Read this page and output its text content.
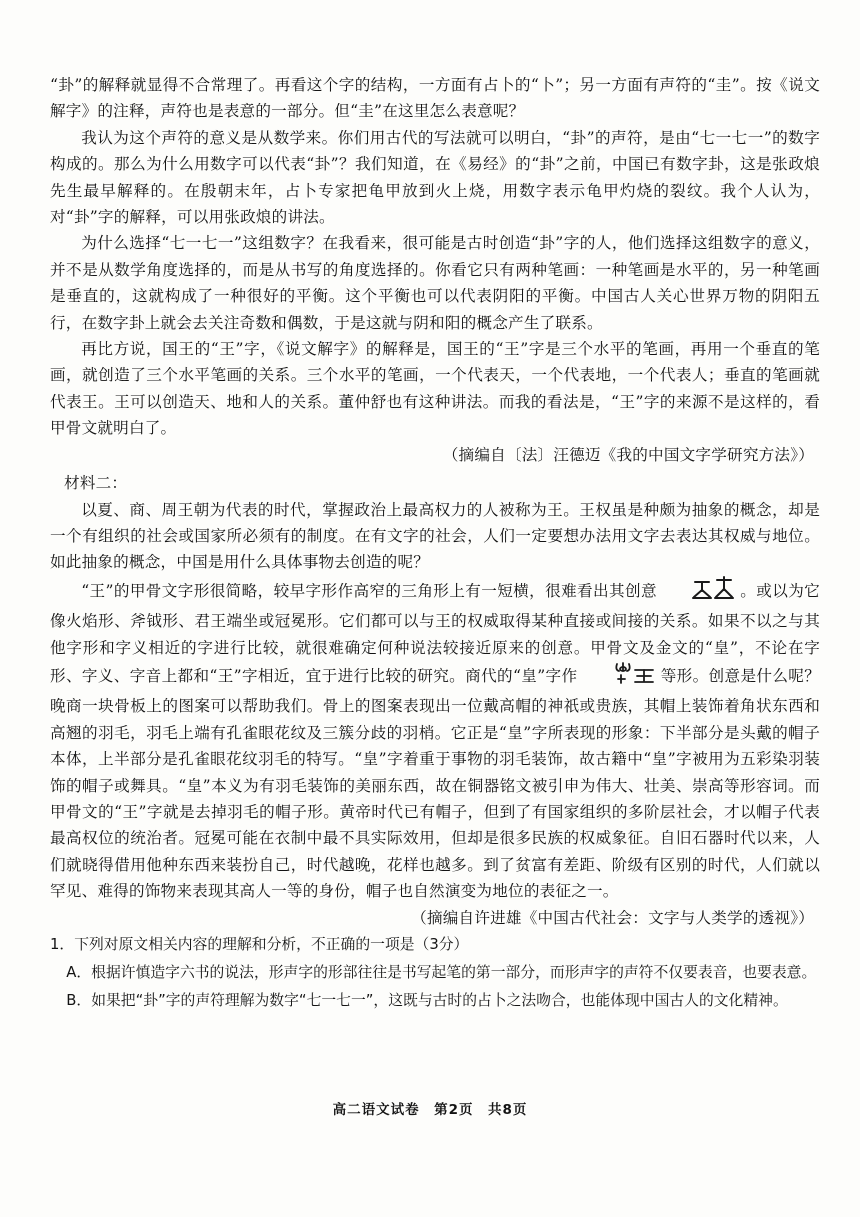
“卦”的解释就显得不合常理了。再看这个字的结构，一方面有占卜的“卜”；另一方面有声符的“圭”。按《说文解字》的注释，声符也是表意的一部分。但“圭”在这里怎么表意呢？

我认为这个声符的意义是从数学来。你们用古代的写法就可以明白，“卦”的声符，是由“七一七一”的数字构成的。那么为什么用数字可以代表“卦”？我们知道，在《易经》的“卦”之前，中国已有数字卦，这是张政烺先生最早解释的。在殷朝末年，占卜专家把龟甲放到火上烧，用数字表示龟甲灼烧的裂纹。我个人认为，对“卦”字的解释，可以用张政烺的讲法。

为什么选择“七一七一”这组数字？在我看来，很可能是古时创造“卦”字的人，他们选择这组数字的意义，并不是从数学角度选择的，而是从书写的角度选择的。你看它只有两种笔画：一种笔画是水平的，另一种笔画是垂直的，这就构成了一种很好的平衡。这个平衡也可以代表阴阳的平衡。中国古人关心世界万物的阴阳五行，在数字卦上就会去关注奇数和偶数，于是这就与阴和阳的概念产生了联系。

再比方说，国王的“王”字，《说文解字》的解释是，国王的“王”字是三个水平的笔画，再用一个垂直的笔画，就创造了三个水平笔画的关系。三个水平的笔画，一个代表天，一个代表地，一个代表人；垂直的笔画就代表王。王可以创造天、地和人的关系。董仲舒也有这种讲法。而我的看法是，“王”字的来源不是这样的，看甲骨文就明白了。

（摘编自〔法〕汪德迈《我的中国文字学研究方法》）

材料二：

以夏、商、周王朝为代表的时代，掌握政治上最高权力的人被称为王。王权虽是种颇为抽象的概念，却是一个有组织的社会或国家所必须有的制度。在有文字的社会，人们一定要想办法用文字去表达其权威与地位。如此抽象的概念，中国是用什么具体事物去创造的呢？

“王”的甲骨文字形很简略，较早字形作高窄的三角形上有一短横，很难看出其创意	。或以为它像火焰形、斧钺形、君王端坐或冠冕形。它们都可以与王的权威取得某种直接或间接的关系。如果不以之与其他字形和字义相近的字进行比较，就很难确定何种说法较接近原来的创意。甲骨文及金文的“皇”，不论在字形、字义、字音上都和“王”字相近，宜于进行比较的研究。商代的“皇”字作	等形。创意是什么呢？晚商一块骨板上的图案可以帮助我们。骨上的图案表现出一位戴高帽的神祇或贵族，其帽上装饰着角状东西和高翘的羽毛，羽毛上端有孔雀眼花纹及三簇分歧的羽梢。它正是“皇”字所表现的形象：下半部分是头戴的帽子本体，上半部分是孔雀眼花纹羽毛的特写。“皇”字着重于事物的羽毛装饰，故古籍中“皇”字被用为五彩染羽装饰的帽子或舞具。“皇”本义为有羽毛装饰的美丽东西，故在铜器铭文被引申为伟大、壮美、崇高等形容词。而甲骨文的“王”字就是去掉羽毛的帽子形。黄帝时代已有帽子，但到了有国家组织的多阶层社会，才以帽子代表最高权位的统治者。冠冕可能在衣制中最不具实际效用，但却是很多民族的权威象征。自旧石器时代以来，人们就晓得借用他种东西来装扮自己，时代越晚，花样也越多。到了贫富有差距、阶级有区别的时代，人们就以罕见、难得的饰物来表现其高人一等的身份，帽子也自然演变为地位的表征之一。

（摘编自许进雄《中国古代社会：文字与人类学的透视》）

1．下列对原文相关内容的理解和分析，不正确的一项是（3分）

A．根据许慎造字六书的说法，形声字的形部往往是书写起笔的第一部分，而形声字的声符不仅要表音，也要表意。

B．如果把“卦”字的声符理解为数字“七一七一”，这既与古时的占卜之法吻合，也能体现中国古人的文化精神。

高二语文试卷　第2页　共8页
